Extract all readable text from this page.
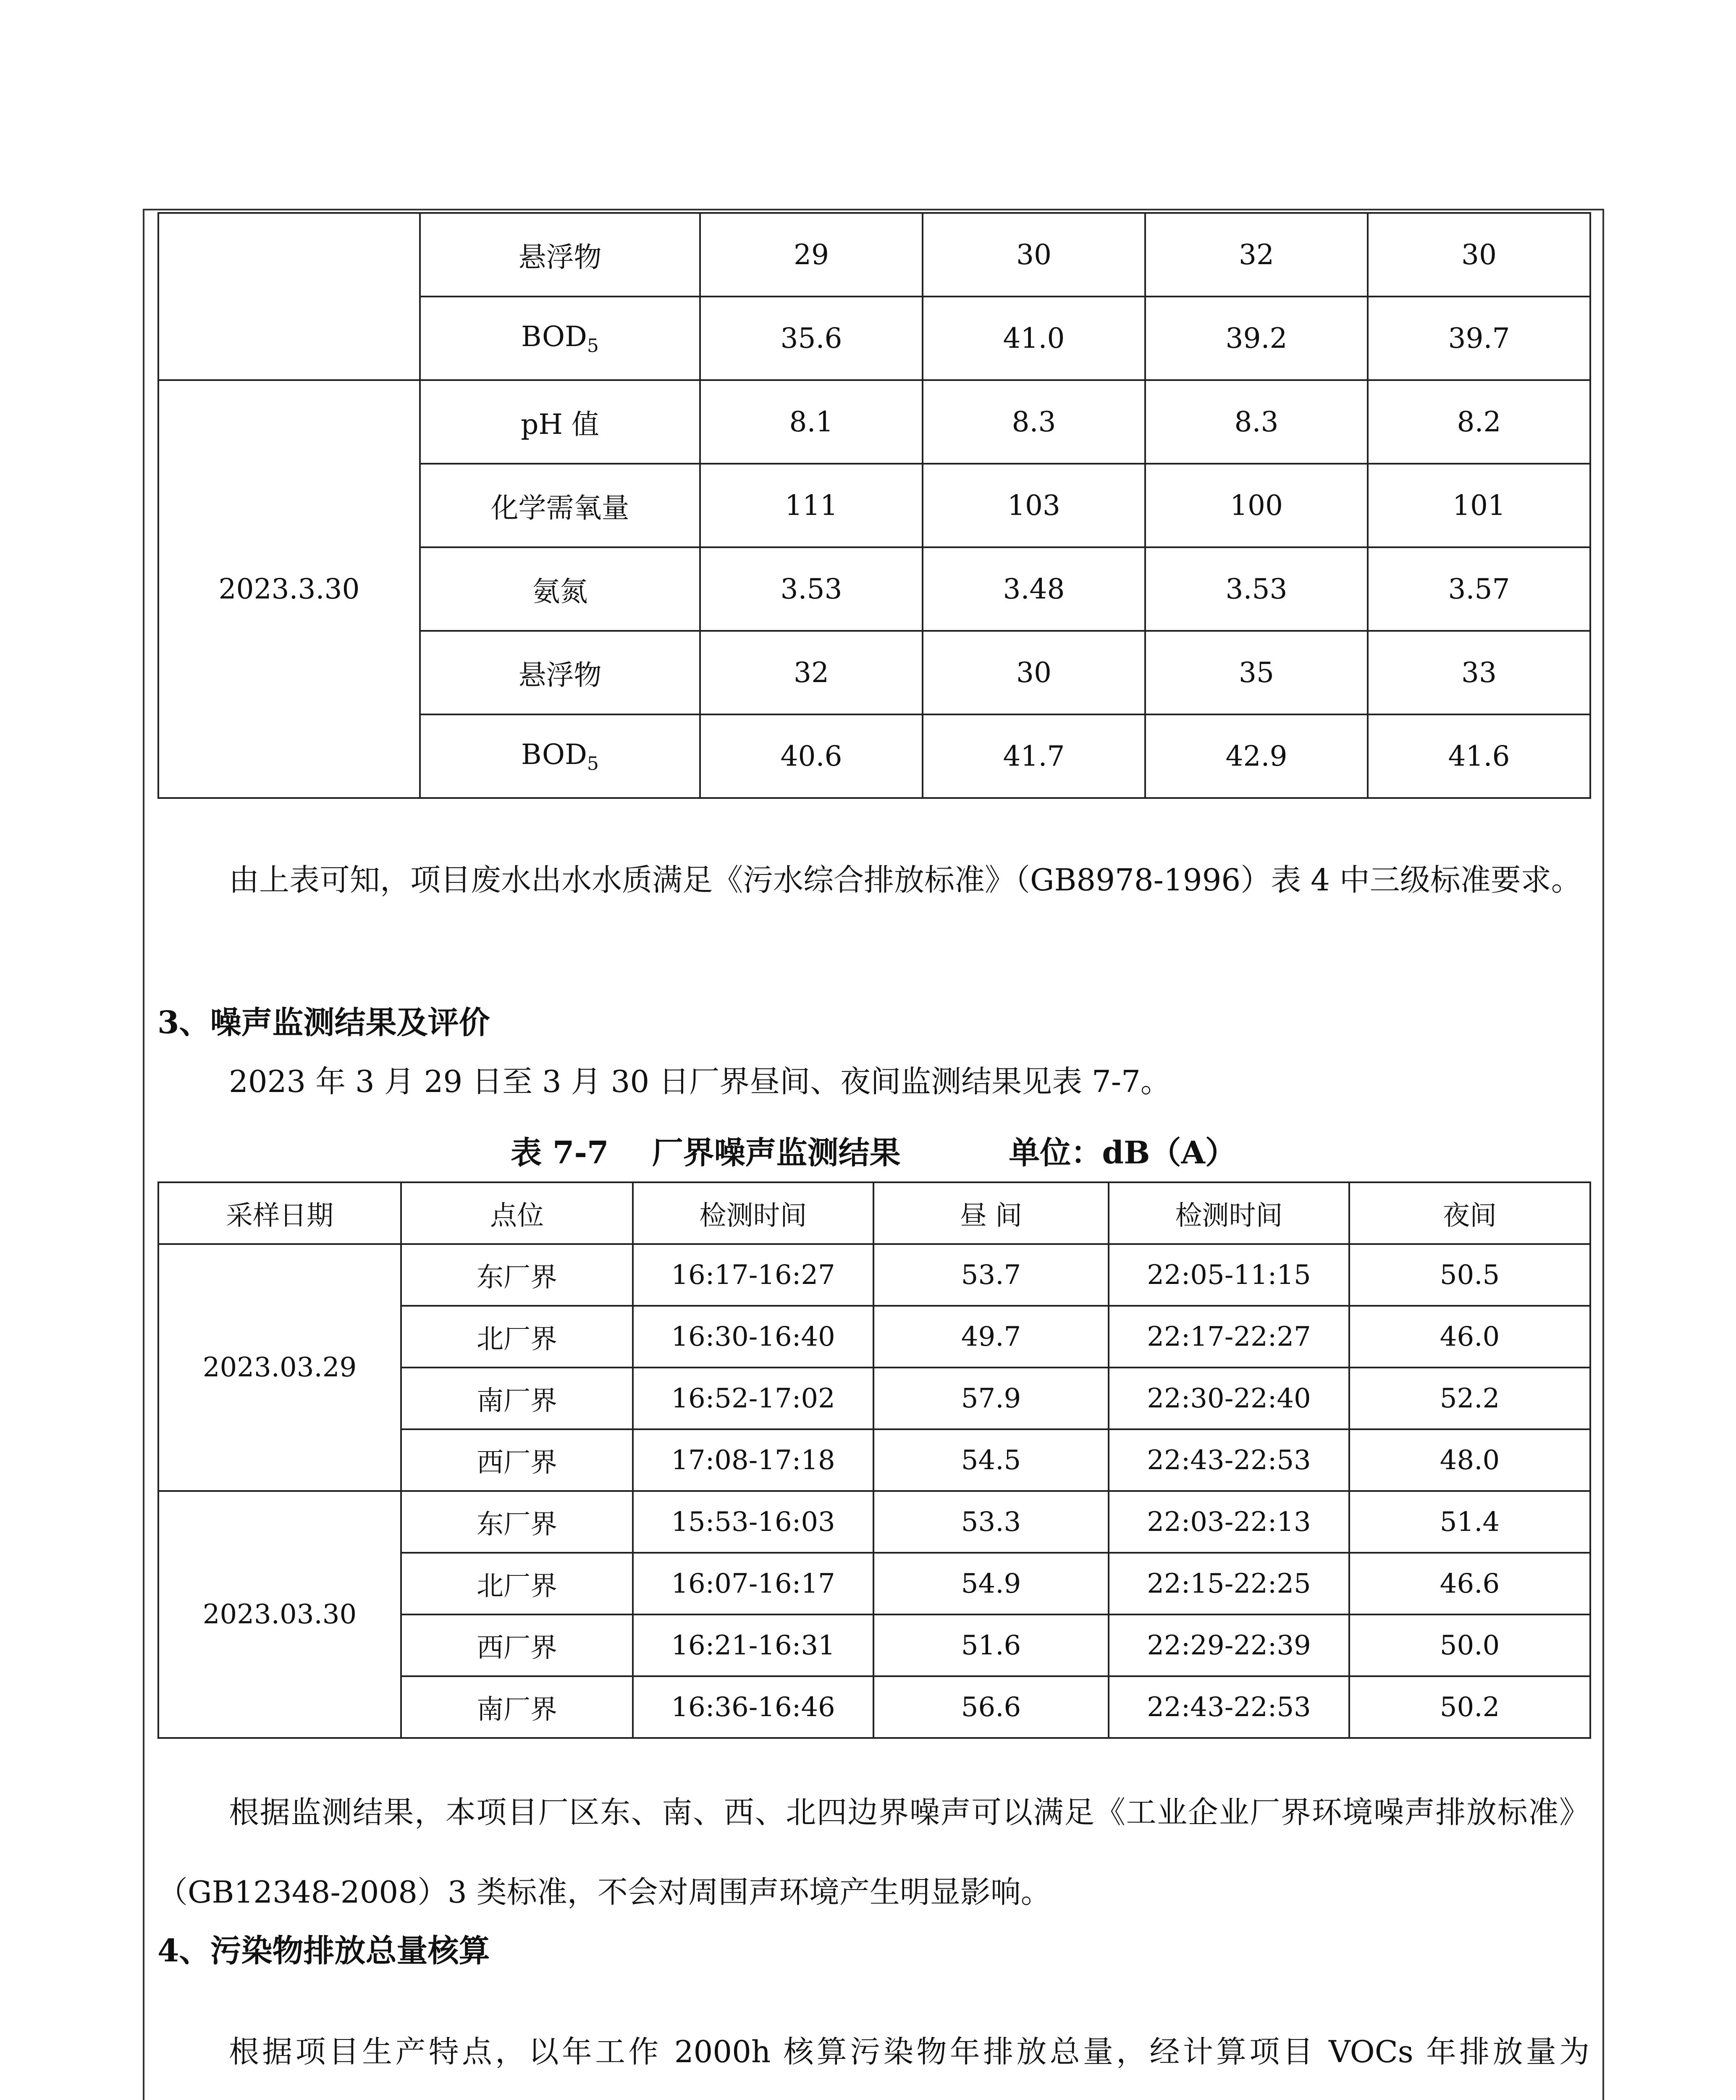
	悬浮物	29	30	32	30
	$BOD_5$	35.6	41.0	39.2	39.7
2023.3.30	pH 值	8.1	8.3	8.3	8.2
	化学需氧量	111	103	100	101
	氨氮	3.53	3.48	3.53	3.57
	悬浮物	32	30	35	33
	$BOD_5$	40.6	41.7	42.9	41.6

由上表可知，项目废水出水水质满足《污水综合排放标准》（GB8978-1996）表 4 中三级标准要求。

3、噪声监测结果及评价

2023 年 3 月 29 日至 3 月 30 日厂界昼间、夜间监测结果见表 7-7。

表 7-7    厂界噪声监测结果          单位：dB（A）

采样日期	点位	检测时间	昼 间	检测时间	夜间
2023.03.29	东厂界	16:17-16:27	53.7	22:05-11:15	50.5
	北厂界	16:30-16:40	49.7	22:17-22:27	46.0
	南厂界	16:52-17:02	57.9	22:30-22:40	52.2
	西厂界	17:08-17:18	54.5	22:43-22:53	48.0
2023.03.30	东厂界	15:53-16:03	53.3	22:03-22:13	51.4
	北厂界	16:07-16:17	54.9	22:15-22:25	46.6
	西厂界	16:21-16:31	51.6	22:29-22:39	50.0
	南厂界	16:36-16:46	56.6	22:43-22:53	50.2

根据监测结果，本项目厂区东、南、西、北四边界噪声可以满足《工业企业厂界环境噪声排放标准》（GB12348-2008）3 类标准，不会对周围声环境产生明显影响。

4、污染物排放总量核算

根据项目生产特点，以年工作 2000h 核算污染物年排放总量，经计算项目 VOCs 年排放量为
